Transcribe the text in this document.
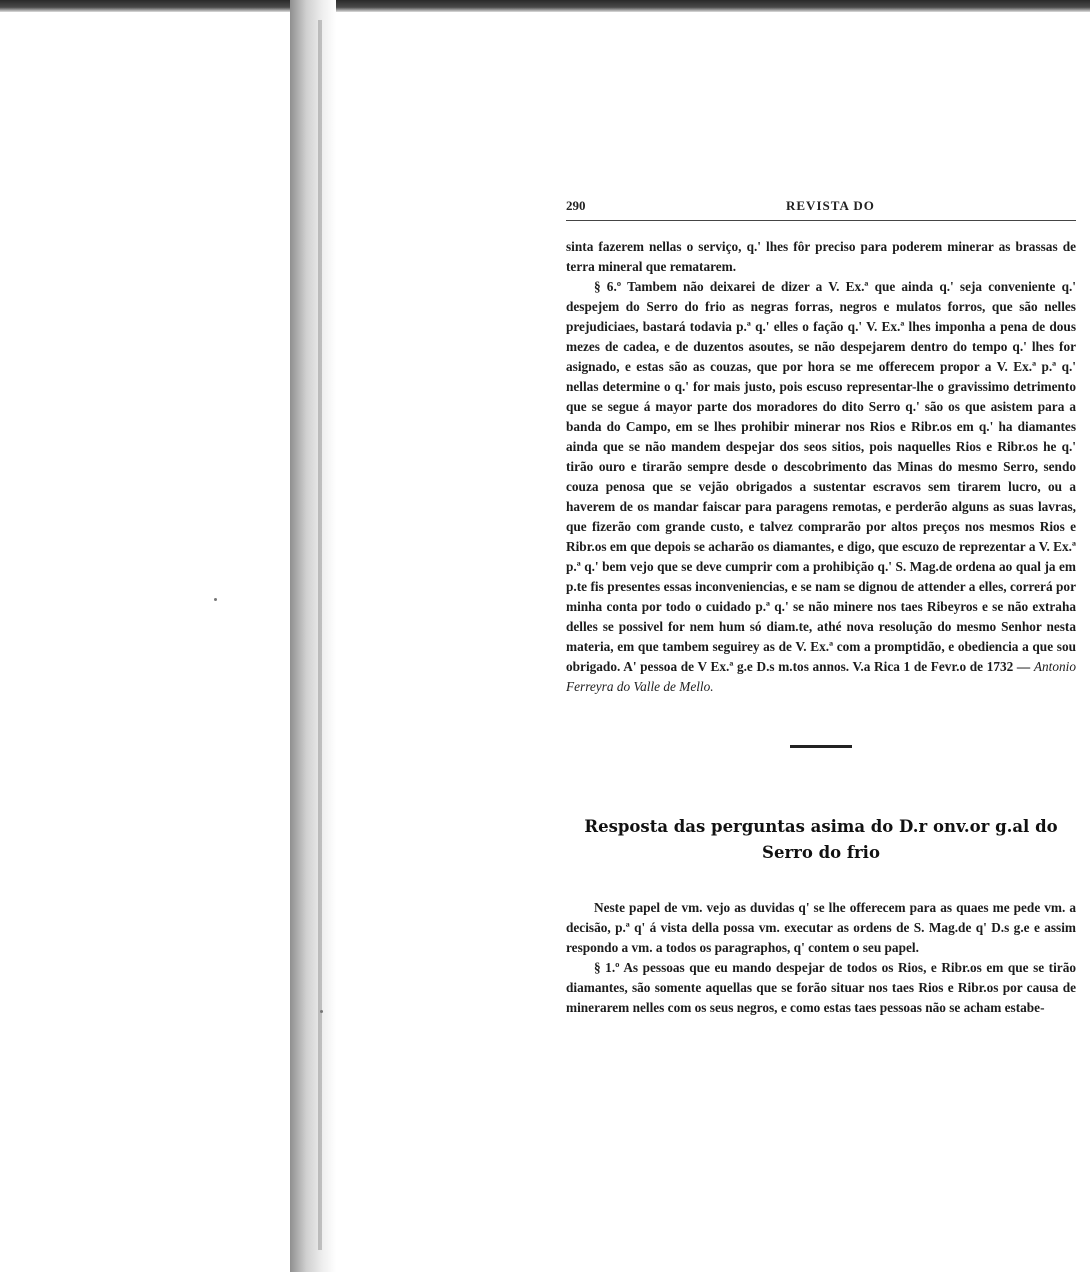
290	REVISTA DO

sinta fazerem nellas o serviço, q.' lhes fôr preciso para poderem minerar as brassas de terra mineral que rematarem.

§ 6.º Tambem não deixarei de dizer a V. Ex.ª que ainda q.' seja conveniente q.' despejem do Serro do frio as negras forras, negros e mulatos forros, que são nelles prejudiciaes, bastará todavia p.ª q.' elles o fação q.' V. Ex.ª lhes imponha a pena de dous mezes de cadea, e de duzentos asoutes, se não despejarem dentro do tempo q.' lhes for asignado, e estas são as couzas, que por hora se me offerecem propor a V. Ex.ª p.ª q.' nellas determine o q.' for mais justo, pois escuso representar-lhe o gravissimo detrimento que se segue á mayor parte dos moradores do dito Serro q.' são os que asistem para a banda do Campo, em se lhes prohibir minerar nos Rios e Ribr.os em q.' ha diamantes ainda que se não mandem despejar dos seos sitios, pois naquelles Rios e Ribr.os he q.' tirão ouro e tirarão sempre desde o descobrimento das Minas do mesmo Serro, sendo couza penosa que se vejão obrigados a sustentar escravos sem tirarem lucro, ou a haverem de os mandar faiscar para paragens remotas, e perderão alguns as suas lavras, que fizerão com grande custo, e talvez comprarão por altos preços nos mesmos Rios e Ribr.os em que depois se acharão os diamantes, e digo, que escuzo de reprezentar a V. Ex.ª p.ª q.' bem vejo que se deve cumprir com a prohibição q.' S. Mag.de ordena ao qual ja em p.te fis presentes essas inconveniencias, e se nam se dignou de attender a elles, correrá por minha conta por todo o cuidado p.ª q.' se não minere nos taes Ribeyros e se não extraha delles se possivel for nem hum só diam.te, athé nova resolução do mesmo Senhor nesta materia, em que tambem seguirey as de V. Ex.ª com a promptidão, e obediencia a que sou obrigado. A' pessoa de V Ex.ª g.e D.s m.tos annos. V.a Rica 1 de Fevr.o de 1732 — Antonio Ferreyra do Valle de Mello.

Resposta das perguntas asima do D.r onv.or g.al do
Serro do frio

Neste papel de vm. vejo as duvidas q' se lhe offerecem para as quaes me pede vm. a decisão, p.ª q' á vista della possa vm. executar as ordens de S. Mag.de q' D.s g.e e assim respondo a vm. a todos os paragraphos, q' contem o seu papel.

§ 1.º As pessoas que eu mando despejar de todos os Rios, e Ribr.os em que se tirão diamantes, são somente aquellas que se forão situar nos taes Rios e Ribr.os por causa de minerarem nelles com os seus negros, e como estas taes pessoas não se acham estabe-
